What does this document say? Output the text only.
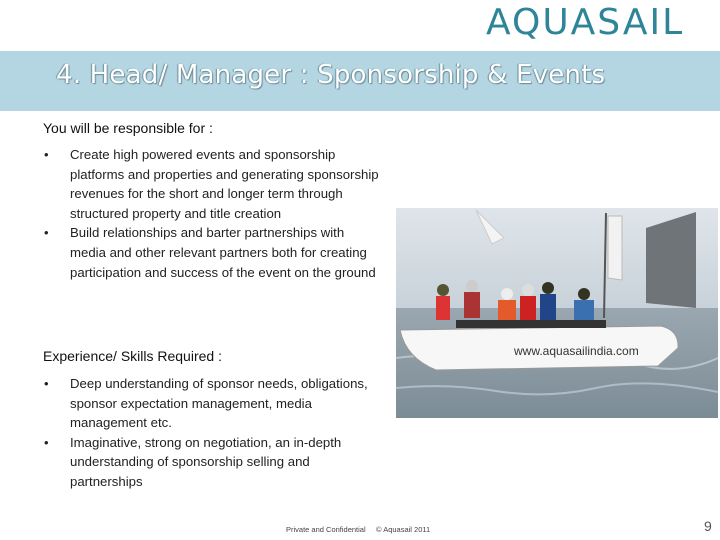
AQUASAIL
4. Head/ Manager : Sponsorship & Events
You will be responsible for :
• Create high powered events and sponsorship platforms and properties and generating sponsorship revenues for the short and longer term through structured property and title creation
• Build relationships and barter partnerships with media and other relevant partners both for creating participation and success of the event on the ground
Experience/ Skills Required :
• Deep understanding of sponsor needs, obligations, sponsor expectation management, media management etc.
• Imaginative, strong on negotiation, an in-depth understanding of sponsorship selling and partnerships
www.aquasailindia.com
Private and Confidential © Aquasail 2011	9
